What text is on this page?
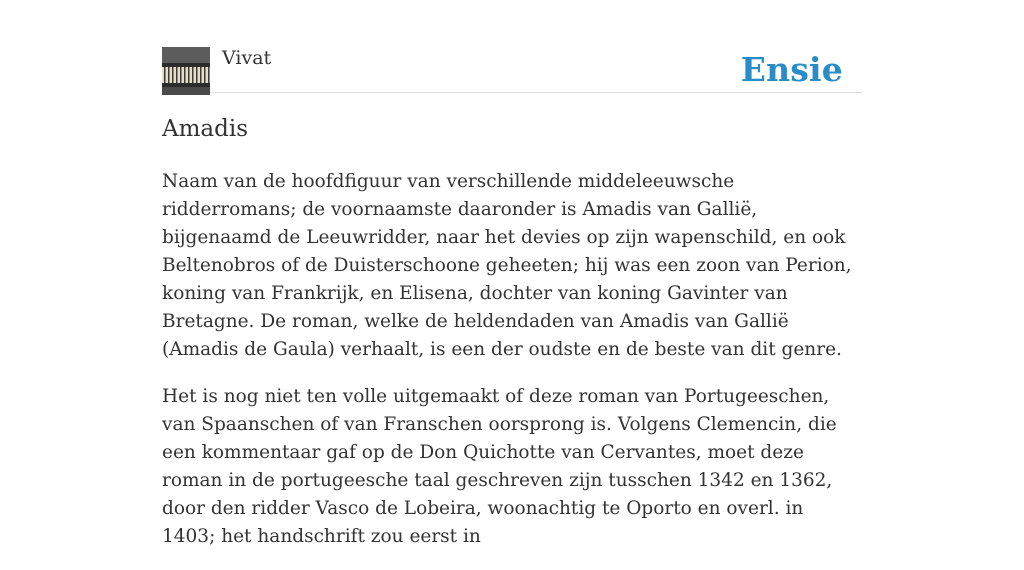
Vivat	Ensie
Amadis

Naam van de hoofdfiguur van verschillende middeleeuwsche ridderromans; de voornaamste daaronder is Amadis van Gallië, bijgenaamd de Leeuwridder, naar het devies op zijn wapenschild, en ook Beltenobros of de Duisterschoone geheeten; hij was een zoon van Perion, koning van Frankrijk, en Elisena, dochter van koning Gavinter van Bretagne. De roman, welke de heldendaden van Amadis van Gallië (Amadis de Gaula) verhaalt, is een der oudste en de beste van dit genre.

Het is nog niet ten volle uitgemaakt of deze roman van Portugeeschen, van Spaanschen of van Franschen oorsprong is. Volgens Clemencin, die een kommentaar gaf op de Don Quichotte van Cervantes, moet deze roman in de portugeesche taal geschreven zijn tusschen 1342 en 1362, door den ridder Vasco de Lobeira, woonachtig te Oporto en overl. in 1403; het handschrift zou eerst in
